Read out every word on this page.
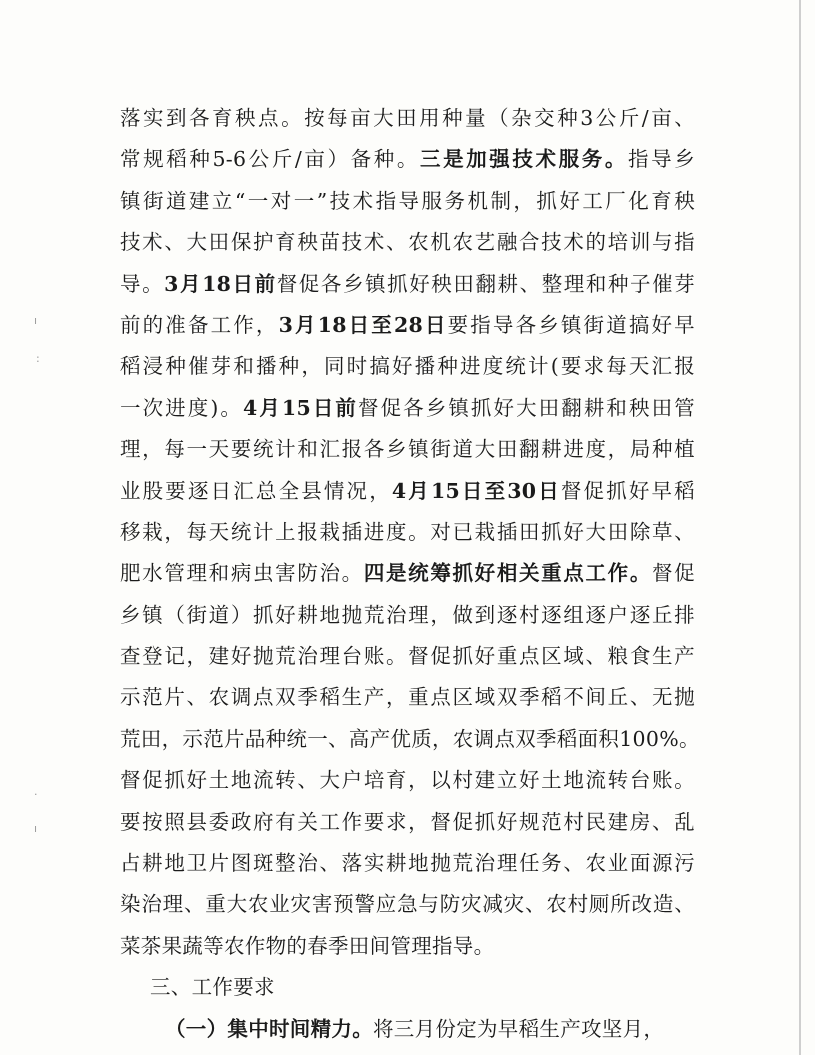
ı
:
·
ı
落实到各育秧点。按每亩大田用种量（杂交种3公斤/亩、
常规稻种5-6公斤/亩）备种。三是加强技术服务。指导乡
镇街道建立“一对一”技术指导服务机制，抓好工厂化育秧
技术、大田保护育秧苗技术、农机农艺融合技术的培训与指
导。3月18日前督促各乡镇抓好秧田翻耕、整理和种子催芽
前的准备工作，3月18日至28日要指导各乡镇街道搞好早
稻浸种催芽和播种，同时搞好播种进度统计(要求每天汇报
一次进度)。4月15日前督促各乡镇抓好大田翻耕和秧田管
理，每一天要统计和汇报各乡镇街道大田翻耕进度，局种植
业股要逐日汇总全县情况，4月15日至30日督促抓好早稻
移栽，每天统计上报栽插进度。对已栽插田抓好大田除草、
肥水管理和病虫害防治。四是统筹抓好相关重点工作。督促
乡镇（街道）抓好耕地抛荒治理，做到逐村逐组逐户逐丘排
查登记，建好抛荒治理台账。督促抓好重点区域、粮食生产
示范片、农调点双季稻生产，重点区域双季稻不间丘、无抛
荒田，示范片品种统一、高产优质，农调点双季稻面积100%。
督促抓好土地流转、大户培育，以村建立好土地流转台账。
要按照县委政府有关工作要求，督促抓好规范村民建房、乱
占耕地卫片图斑整治、落实耕地抛荒治理任务、农业面源污
染治理、重大农业灾害预警应急与防灾减灾、农村厕所改造、
菜茶果蔬等农作物的春季田间管理指导。
三、工作要求
（一）集中时间精力。将三月份定为早稻生产攻坚月，
